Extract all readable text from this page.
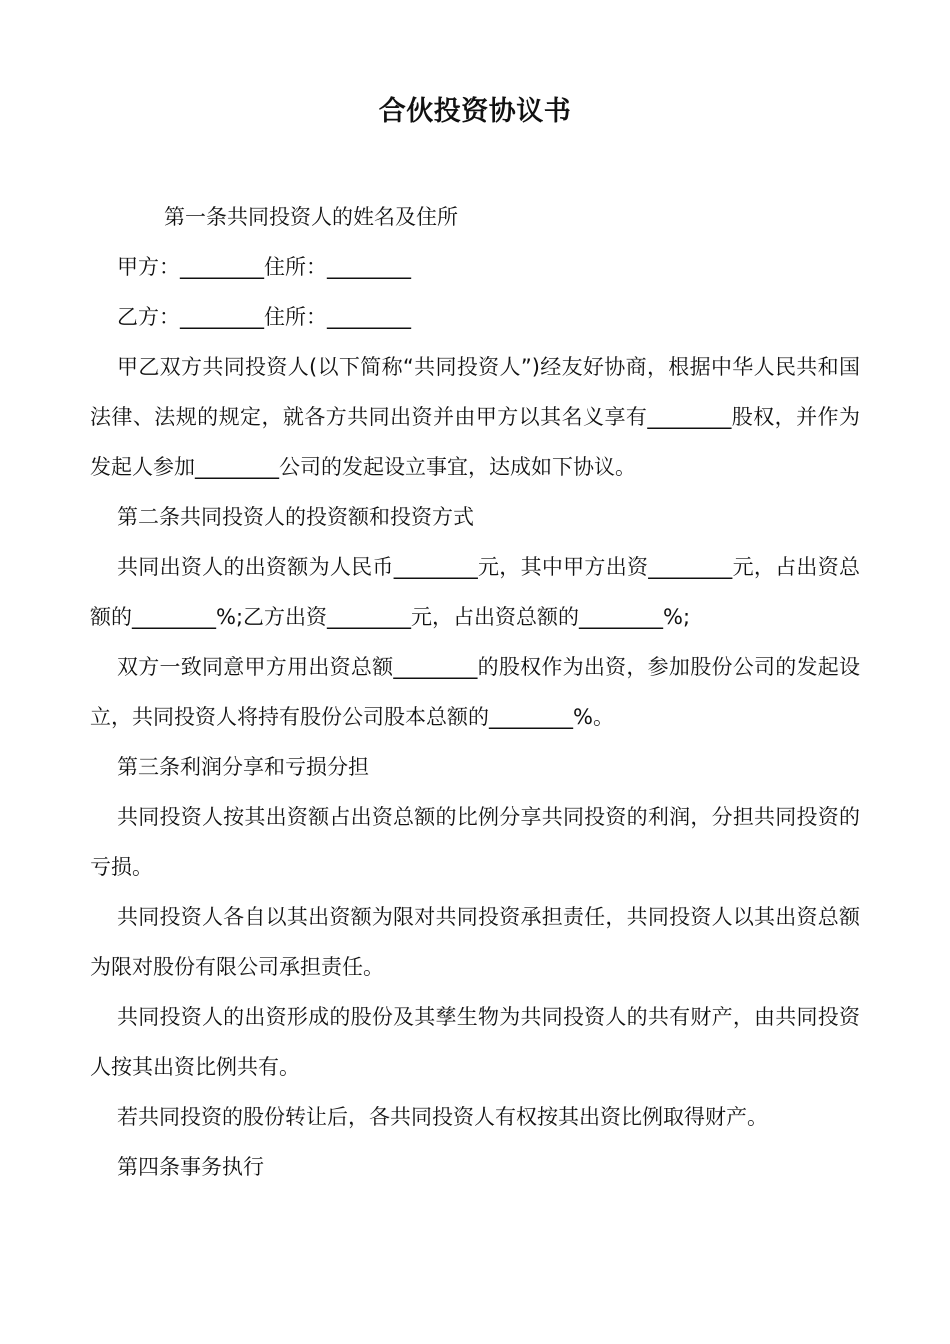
合伙投资协议书

第一条共同投资人的姓名及住所

甲方：________住所：________

乙方：________住所：________

甲乙双方共同投资人(以下简称“共同投资人”)经友好协商，根据中华人民共和国法律、法规的规定，就各方共同出资并由甲方以其名义享有________股权，并作为发起人参加________公司的发起设立事宜，达成如下协议。

第二条共同投资人的投资额和投资方式

共同出资人的出资额为人民币________元，其中甲方出资________元，占出资总额的________%;乙方出资________元，占出资总额的________%;

双方一致同意甲方用出资总额________的股权作为出资，参加股份公司的发起设立，共同投资人将持有股份公司股本总额的________%。

第三条利润分享和亏损分担

共同投资人按其出资额占出资总额的比例分享共同投资的利润，分担共同投资的亏损。

共同投资人各自以其出资额为限对共同投资承担责任，共同投资人以其出资总额为限对股份有限公司承担责任。

共同投资人的出资形成的股份及其孳生物为共同投资人的共有财产，由共同投资人按其出资比例共有。

若共同投资的股份转让后，各共同投资人有权按其出资比例取得财产。

第四条事务执行
